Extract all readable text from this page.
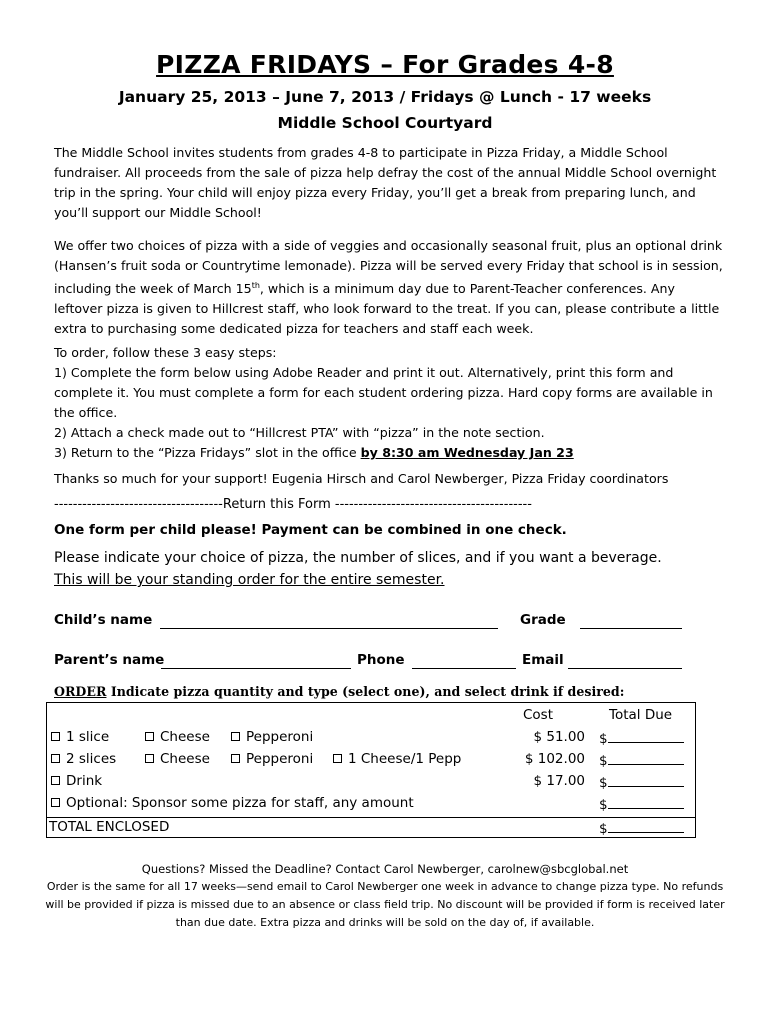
PIZZA FRIDAYS – For Grades 4-8
January 25, 2013 – June 7, 2013 / Fridays @ Lunch - 17 weeks
Middle School Courtyard
The Middle School invites students from grades 4-8 to participate in Pizza Friday, a Middle School fundraiser. All proceeds from the sale of pizza help defray the cost of the annual Middle School overnight trip in the spring. Your child will enjoy pizza every Friday, you’ll get a break from preparing lunch, and you’ll support our Middle School!
We offer two choices of pizza with a side of veggies and occasionally seasonal fruit, plus an optional drink (Hansen’s fruit soda or Countrytime lemonade). Pizza will be served every Friday that school is in session, including the week of March 15th, which is a minimum day due to Parent-Teacher conferences. Any leftover pizza is given to Hillcrest staff, who look forward to the treat. If you can, please contribute a little extra to purchasing some dedicated pizza for teachers and staff each week.
To order, follow these 3 easy steps:
1) Complete the form below using Adobe Reader and print it out. Alternatively, print this form and complete it. You must complete a form for each student ordering pizza. Hard copy forms are available in the office.
2) Attach a check made out to “Hillcrest PTA” with “pizza” in the note section.
3) Return to the “Pizza Fridays” slot in the office by 8:30 am Wednesday Jan 23
Thanks so much for your support! Eugenia Hirsch and Carol Newberger, Pizza Friday coordinators
------------------------------------Return this Form ------------------------------------------
One form per child please! Payment can be combined in one check.
Please indicate your choice of pizza, the number of slices, and if you want a beverage.
This will be your standing order for the entire semester.
Child’s name	Grade
Parent’s name	Phone	Email
ORDER Indicate pizza quantity and type (select one), and select drink if desired:
Cost	Total Due
1 slice	Cheese	Pepperoni	$ 51.00 $
2 slices	Cheese	Pepperoni	1 Cheese/1 Pepp	$ 102.00 $
Drink	$ 17.00 $
Optional: Sponsor some pizza for staff, any amount	$
TOTAL ENCLOSED	$
Questions? Missed the Deadline? Contact Carol Newberger, carolnew@sbcglobal.net
Order is the same for all 17 weeks—send email to Carol Newberger one week in advance to change pizza type. No refunds
will be provided if pizza is missed due to an absence or class field trip. No discount will be provided if form is received later
than due date. Extra pizza and drinks will be sold on the day of, if available.
